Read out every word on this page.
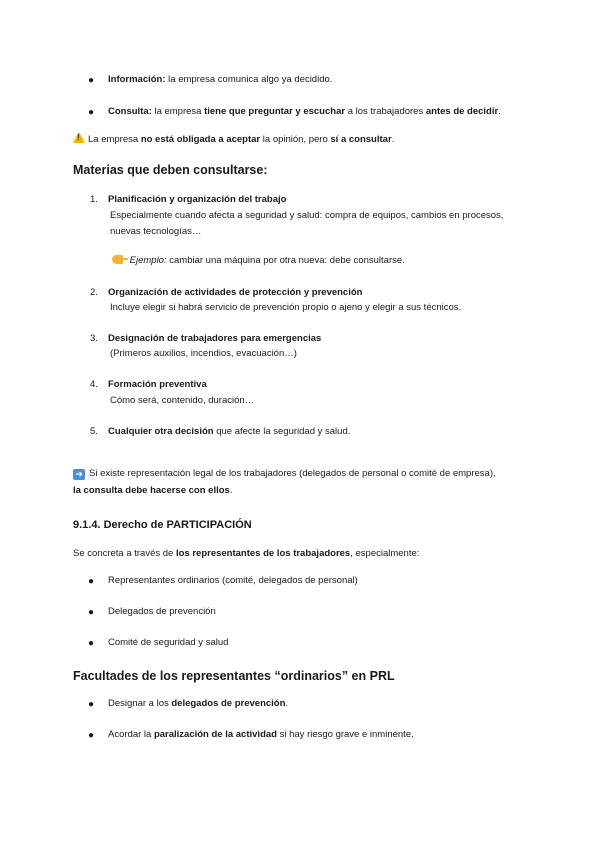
● Información: la empresa comunica algo ya decidido.
● Consulta: la empresa tiene que preguntar y escuchar a los trabajadores antes de decidir.
!La empresa no está obligada a aceptar la opinión, pero sí a consultar.
Materias que deben consultarse:
1. Planificación y organización del trabajo
Especialmente cuando afecta a seguridad y salud: compra de equipos, cambios en procesos,
nuevas tecnologías…
Ejemplo: cambiar una máquina por otra nueva: debe consultarse.
2. Organización de actividades de protección y prevención
Incluye elegir si habrá servicio de prevención propio o ajeno y elegir a sus técnicos.
3. Designación de trabajadores para emergencias
(Primeros auxilios, incendios, evacuación…)
4. Formación preventiva
Cómo será, contenido, duración…
5. Cualquier otra decisión que afecte la seguridad y salud.
➜ Si existe representación legal de los trabajadores (delegados de personal o comité de empresa),
la consulta debe hacerse con ellos.
9.1.4. Derecho de PARTICIPACIÓN
Se concreta a través de los representantes de los trabajadores, especialmente:
● Representantes ordinarios (comité, delegados de personal)
● Delegados de prevención
● Comité de seguridad y salud
Facultades de los representantes “ordinarios” en PRL
● Designar a los delegados de prevención.
● Acordar la paralización de la actividad si hay riesgo grave e inminente.
